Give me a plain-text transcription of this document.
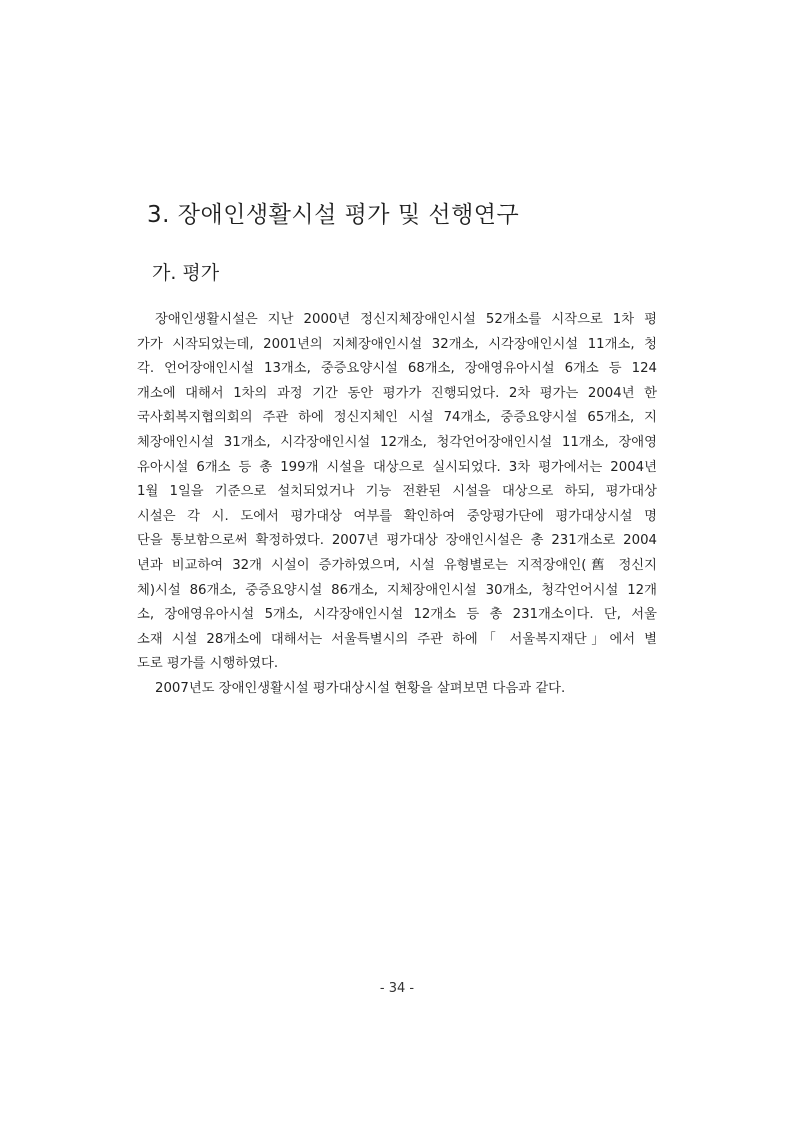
3. 장애인생활시설 평가 및 선행연구
가. 평가
장애인생활시설은 지난 2000년 정신지체장애인시설 52개소를 시작으로 1차 평
가가 시작되었는데, 2001년의 지체장애인시설 32개소, 시각장애인시설 11개소, 청
각. 언어장애인시설 13개소, 중증요양시설 68개소, 장애영유아시설 6개소 등 124
개소에 대해서 1차의 과정 기간 동안 평가가 진행되었다. 2차 평가는 2004년 한
국사회복지협의회의 주관 하에 정신지체인 시설 74개소, 중증요양시설 65개소, 지
체장애인시설 31개소, 시각장애인시설 12개소, 청각언어장애인시설 11개소, 장애영
유아시설 6개소 등 총 199개 시설을 대상으로 실시되었다. 3차 평가에서는 2004년
1월 1일을 기준으로 설치되었거나 기능 전환된 시설을 대상으로 하되, 평가대상
시설은 각 시. 도에서 평가대상 여부를 확인하여 중앙평가단에 평가대상시설 명
단을 통보함으로써 확정하였다. 2007년 평가대상 장애인시설은 총 231개소로 2004
년과 비교하여 32개 시설이 증가하였으며, 시설 유형별로는 지적장애인(舊 정신지
체)시설 86개소, 중증요양시설 86개소, 지체장애인시설 30개소, 청각언어시설 12개
소, 장애영유아시설 5개소, 시각장애인시설 12개소 등 총 231개소이다. 단, 서울
소재 시설 28개소에 대해서는 서울특별시의 주관 하에「 서울복지재단」에서 별
도로 평가를 시행하였다.
2007년도 장애인생활시설 평가대상시설 현황을 살펴보면 다음과 같다.
- 34 -
